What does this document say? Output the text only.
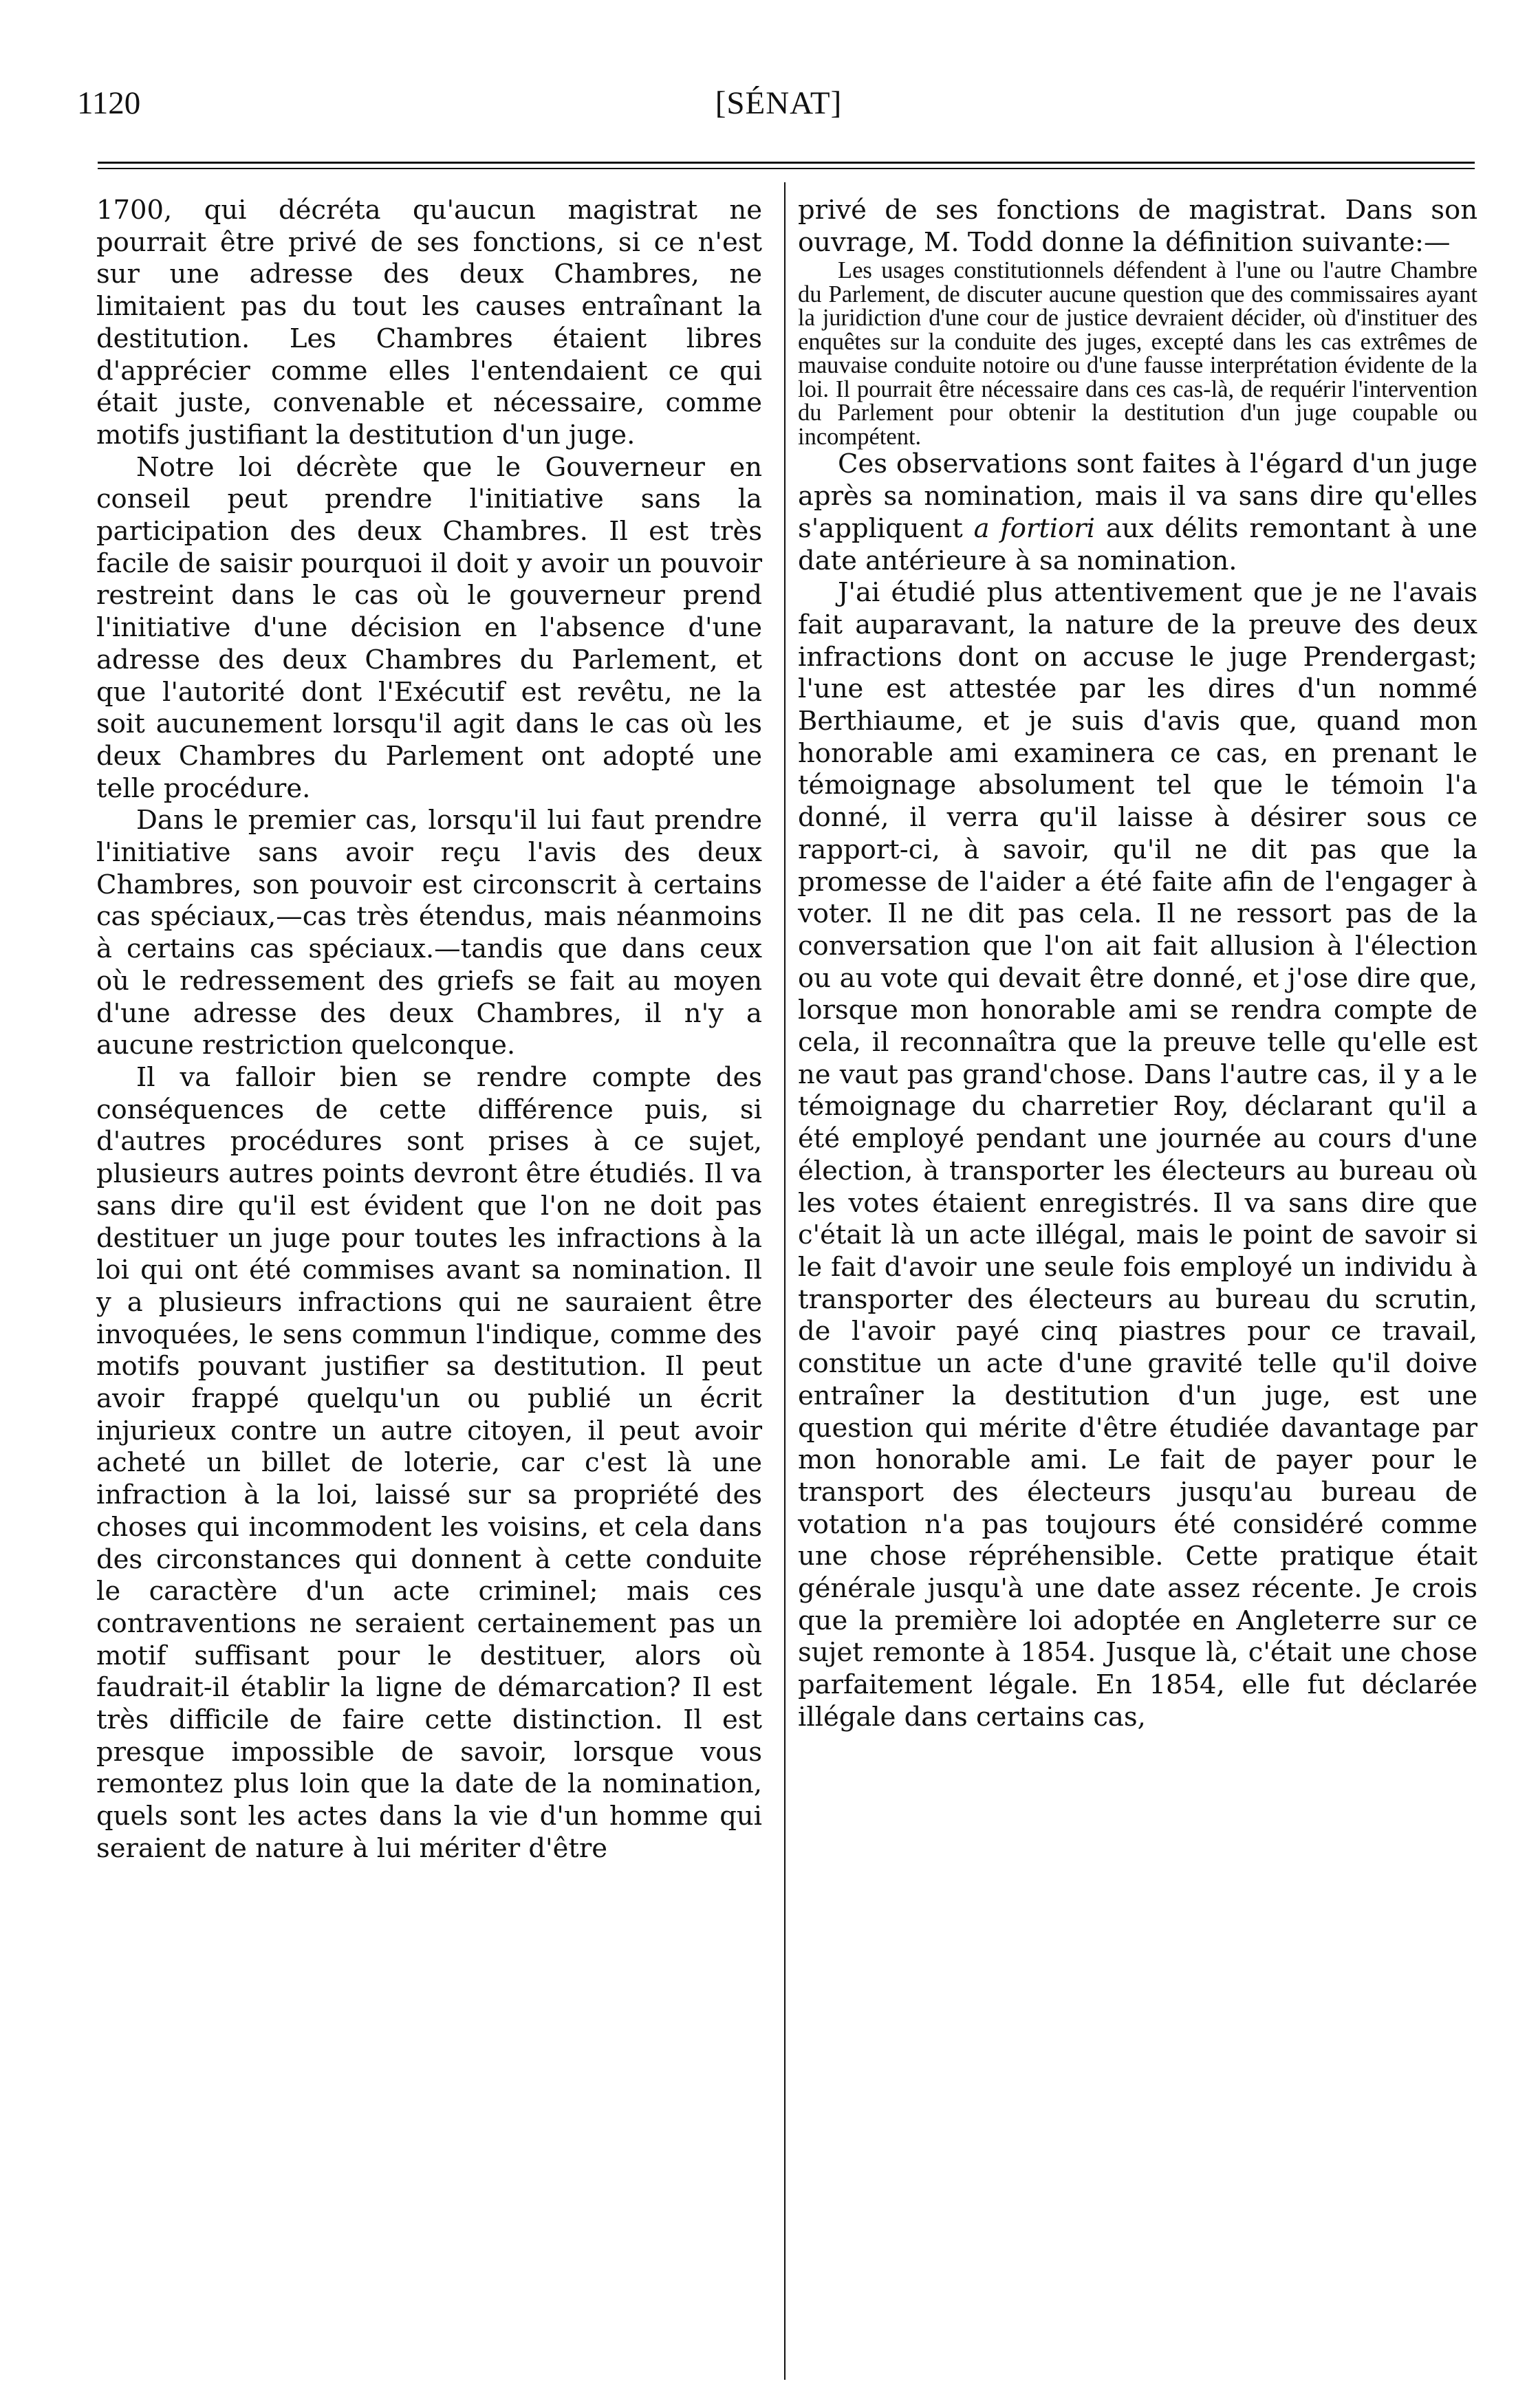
1120	[SÉNAT]

1700, qui décréta qu'aucun magistrat ne pourrait être privé de ses fonctions, si ce n'est sur une adresse des deux Chambres, ne limitaient pas du tout les causes entraînant la destitution. Les Chambres étaient libres d'apprécier comme elles l'entendaient ce qui était juste, convenable et nécessaire, comme motifs justifiant la destitution d'un juge.

Notre loi décrète que le Gouverneur en conseil peut prendre l'initiative sans la participation des deux Chambres. Il est très facile de saisir pourquoi il doit y avoir un pouvoir restreint dans le cas où le gouverneur prend l'initiative d'une décision en l'absence d'une adresse des deux Chambres du Parlement, et que l'autorité dont l'Exécutif est revêtu, ne la soit aucunement lorsqu'il agit dans le cas où les deux Chambres du Parlement ont adopté une telle procédure.

Dans le premier cas, lorsqu'il lui faut prendre l'initiative sans avoir reçu l'avis des deux Chambres, son pouvoir est circonscrit à certains cas spéciaux,—cas très étendus, mais néanmoins à certains cas spéciaux.—tandis que dans ceux où le redressement des griefs se fait au moyen d'une adresse des deux Chambres, il n'y a aucune restriction quelconque.

Il va falloir bien se rendre compte des conséquences de cette différence puis, si d'autres procédures sont prises à ce sujet, plusieurs autres points devront être étudiés. Il va sans dire qu'il est évident que l'on ne doit pas destituer un juge pour toutes les infractions à la loi qui ont été commises avant sa nomination. Il y a plusieurs infractions qui ne sauraient être invoquées, le sens commun l'indique, comme des motifs pouvant justifier sa destitution. Il peut avoir frappé quelqu'un ou publié un écrit injurieux contre un autre citoyen, il peut avoir acheté un billet de loterie, car c'est là une infraction à la loi, laissé sur sa propriété des choses qui incommodent les voisins, et cela dans des circonstances qui donnent à cette conduite le caractère d'un acte criminel; mais ces contraventions ne seraient certainement pas un motif suffisant pour le destituer, alors où faudrait-il établir la ligne de démarcation? Il est très difficile de faire cette distinction. Il est presque impossible de savoir, lorsque vous remontez plus loin que la date de la nomination, quels sont les actes dans la vie d'un homme qui seraient de nature à lui mériter d'être

privé de ses fonctions de magistrat. Dans son ouvrage, M. Todd donne la définition suivante:—

Les usages constitutionnels défendent à l'une ou l'autre Chambre du Parlement, de discuter aucune question que des commissaires ayant la juridiction d'une cour de justice devraient décider, où d'instituer des enquêtes sur la conduite des juges, excepté dans les cas extrêmes de mauvaise conduite notoire ou d'une fausse interprétation évidente de la loi. Il pourrait être nécessaire dans ces cas-là, de requérir l'intervention du Parlement pour obtenir la destitution d'un juge coupable ou incompétent.

Ces observations sont faites à l'égard d'un juge après sa nomination, mais il va sans dire qu'elles s'appliquent a fortiori aux délits remontant à une date antérieure à sa nomination.

J'ai étudié plus attentivement que je ne l'avais fait auparavant, la nature de la preuve des deux infractions dont on accuse le juge Prendergast; l'une est attestée par les dires d'un nommé Berthiaume, et je suis d'avis que, quand mon honorable ami examinera ce cas, en prenant le témoignage absolument tel que le témoin l'a donné, il verra qu'il laisse à désirer sous ce rapport-ci, à savoir, qu'il ne dit pas que la promesse de l'aider a été faite afin de l'engager à voter. Il ne dit pas cela. Il ne ressort pas de la conversation que l'on ait fait allusion à l'élection ou au vote qui devait être donné, et j'ose dire que, lorsque mon honorable ami se rendra compte de cela, il reconnaîtra que la preuve telle qu'elle est ne vaut pas grand'chose. Dans l'autre cas, il y a le témoignage du charretier Roy, déclarant qu'il a été employé pendant une journée au cours d'une élection, à transporter les électeurs au bureau où les votes étaient enregistrés. Il va sans dire que c'était là un acte illégal, mais le point de savoir si le fait d'avoir une seule fois employé un individu à transporter des électeurs au bureau du scrutin, de l'avoir payé cinq piastres pour ce travail, constitue un acte d'une gravité telle qu'il doive entraîner la destitution d'un juge, est une question qui mérite d'être étudiée davantage par mon honorable ami. Le fait de payer pour le transport des électeurs jusqu'au bureau de votation n'a pas toujours été considéré comme une chose répréhensible. Cette pratique était générale jusqu'à une date assez récente. Je crois que la première loi adoptée en Angleterre sur ce sujet remonte à 1854. Jusque là, c'était une chose parfaitement légale. En 1854, elle fut déclarée illégale dans certains cas,
